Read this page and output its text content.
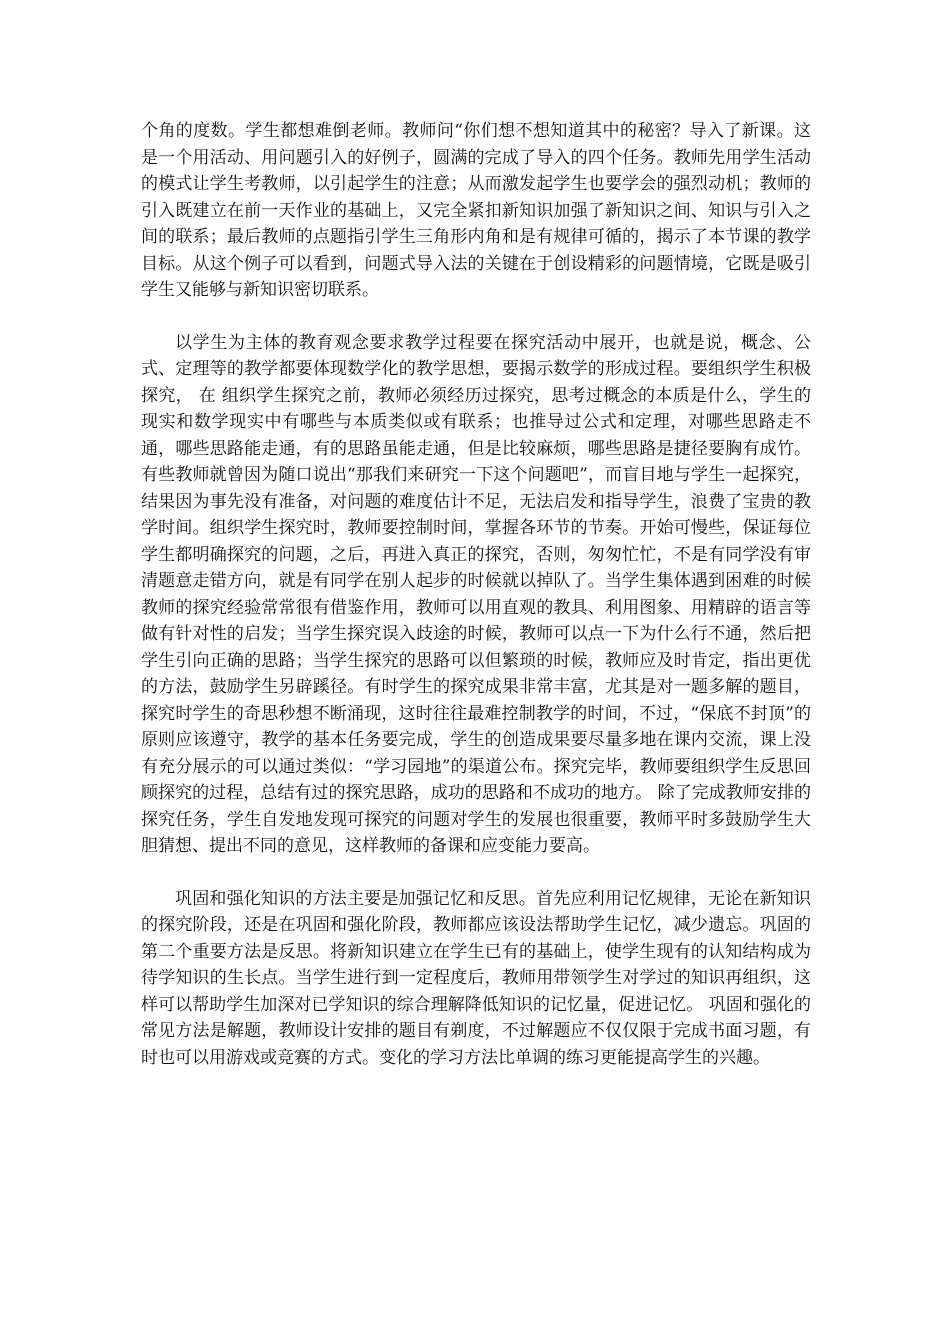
个角的度数。学生都想难倒老师。教师问“你们想不想知道其中的秘密？导入了新课。这是一个用活动、用问题引入的好例子，圆满的完成了导入的四个任务。教师先用学生活动的模式让学生考教师，以引起学生的注意；从而激发起学生也要学会的强烈动机；教师的引入既建立在前一天作业的基础上，又完全紧扣新知识加强了新知识之间、知识与引入之间的联系；最后教师的点题指引学生三角形内角和是有规律可循的，揭示了本节课的教学目标。从这个例子可以看到，问题式导入法的关键在于创设精彩的问题情境，它既是吸引学生又能够与新知识密切联系。

以学生为主体的教育观念要求教学过程要在探究活动中展开，也就是说，概念、公式、定理等的教学都要体现数学化的教学思想，要揭示数学的形成过程。要组织学生积极探究， 在 组织学生探究之前，教师必须经历过探究，思考过概念的本质是什么，学生的现实和数学现实中有哪些与本质类似或有联系；也推导过公式和定理，对哪些思路走不通，哪些思路能走通，有的思路虽能走通，但是比较麻烦，哪些思路是捷径要胸有成竹。有些教师就曾因为随口说出“那我们来研究一下这个问题吧”，而盲目地与学生一起探究，结果因为事先没有准备，对问题的难度估计不足，无法启发和指导学生，浪费了宝贵的教学时间。组织学生探究时，教师要控制时间，掌握各环节的节奏。开始可慢些，保证每位学生都明确探究的问题，之后，再进入真正的探究，否则，匆匆忙忙，不是有同学没有审清题意走错方向，就是有同学在别人起步的时候就以掉队了。当学生集体遇到困难的时候教师的探究经验常常很有借鉴作用，教师可以用直观的教具、利用图象、用精辟的语言等做有针对性的启发；当学生探究误入歧途的时候，教师可以点一下为什么行不通，然后把学生引向正确的思路；当学生探究的思路可以但繁琐的时候，教师应及时肯定，指出更优的方法，鼓励学生另辟蹊径。有时学生的探究成果非常丰富，尤其是对一题多解的题目，探究时学生的奇思秒想不断涌现，这时往往最难控制教学的时间，不过，“保底不封顶”的原则应该遵守，教学的基本任务要完成，学生的创造成果要尽量多地在课内交流，课上没有充分展示的可以通过类似：“学习园地”的渠道公布。探究完毕，教师要组织学生反思回顾探究的过程，总结有过的探究思路，成功的思路和不成功的地方。 除了完成教师安排的探究任务，学生自发地发现可探究的问题对学生的发展也很重要，教师平时多鼓励学生大胆猜想、提出不同的意见，这样教师的备课和应变能力要高。

巩固和强化知识的方法主要是加强记忆和反思。首先应利用记忆规律，无论在新知识的探究阶段，还是在巩固和强化阶段，教师都应该设法帮助学生记忆，减少遗忘。巩固的第二个重要方法是反思。将新知识建立在学生已有的基础上，使学生现有的认知结构成为待学知识的生长点。当学生进行到一定程度后，教师用带领学生对学过的知识再组织，这样可以帮助学生加深对已学知识的综合理解降低知识的记忆量，促进记忆。 巩固和强化的常见方法是解题，教师设计安排的题目有剃度，不过解题应不仅仅限于完成书面习题，有时也可以用游戏或竞赛的方式。变化的学习方法比单调的练习更能提高学生的兴趣。
